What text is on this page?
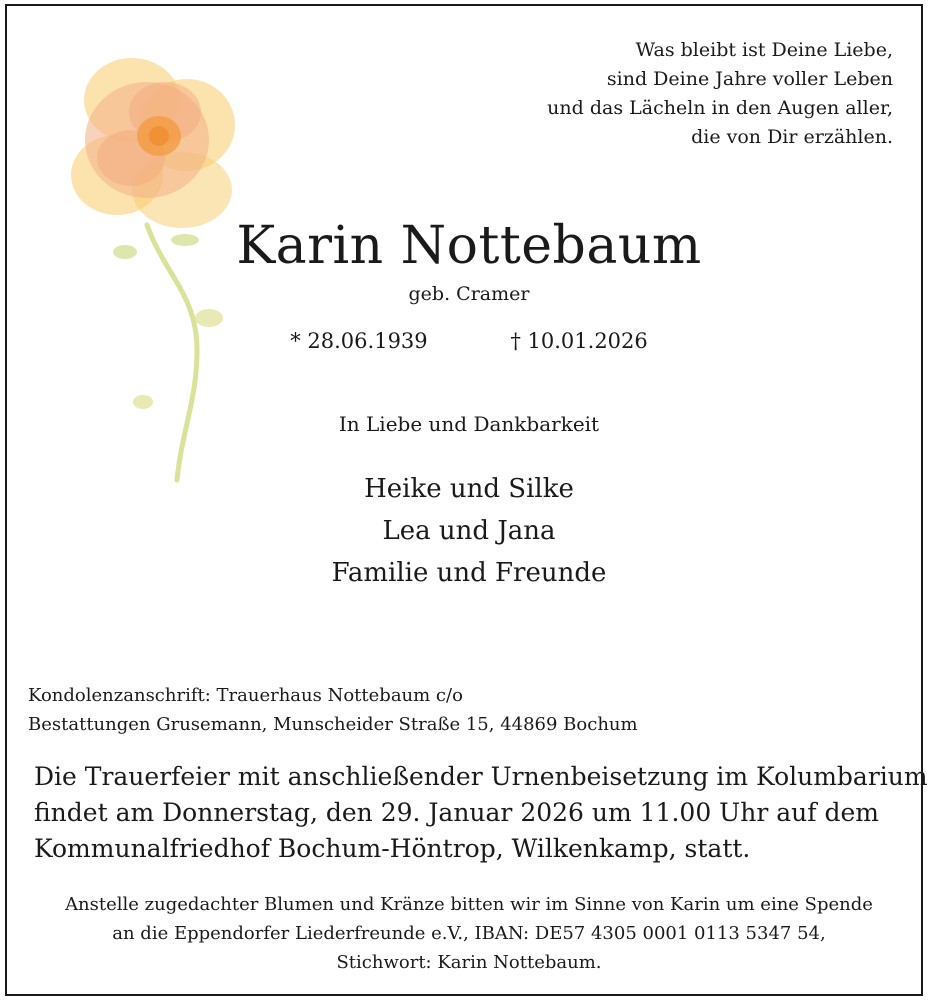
Was bleibt ist Deine Liebe,
sind Deine Jahre voller Leben
und das Lächeln in den Augen aller,
die von Dir erzählen.
Karin Nottebaum
geb. Cramer
* 28.06.1939	† 10.01.2026
In Liebe und Dankbarkeit
Heike und Silke
Lea und Jana
Familie und Freunde
Kondolenzanschrift: Trauerhaus Nottebaum c/o
Bestattungen Grusemann, Munscheider Straße 15, 44869 Bochum
Die Trauerfeier mit anschließender Urnenbeisetzung im Kolumbarium
findet am Donnerstag, den 29. Januar 2026 um 11.00 Uhr auf dem
Kommunalfriedhof Bochum-Höntrop, Wilkenkamp, statt.
Anstelle zugedachter Blumen und Kränze bitten wir im Sinne von Karin um eine Spende
an die Eppendorfer Liederfreunde e.V., IBAN: DE57 4305 0001 0113 5347 54,
Stichwort: Karin Nottebaum.
